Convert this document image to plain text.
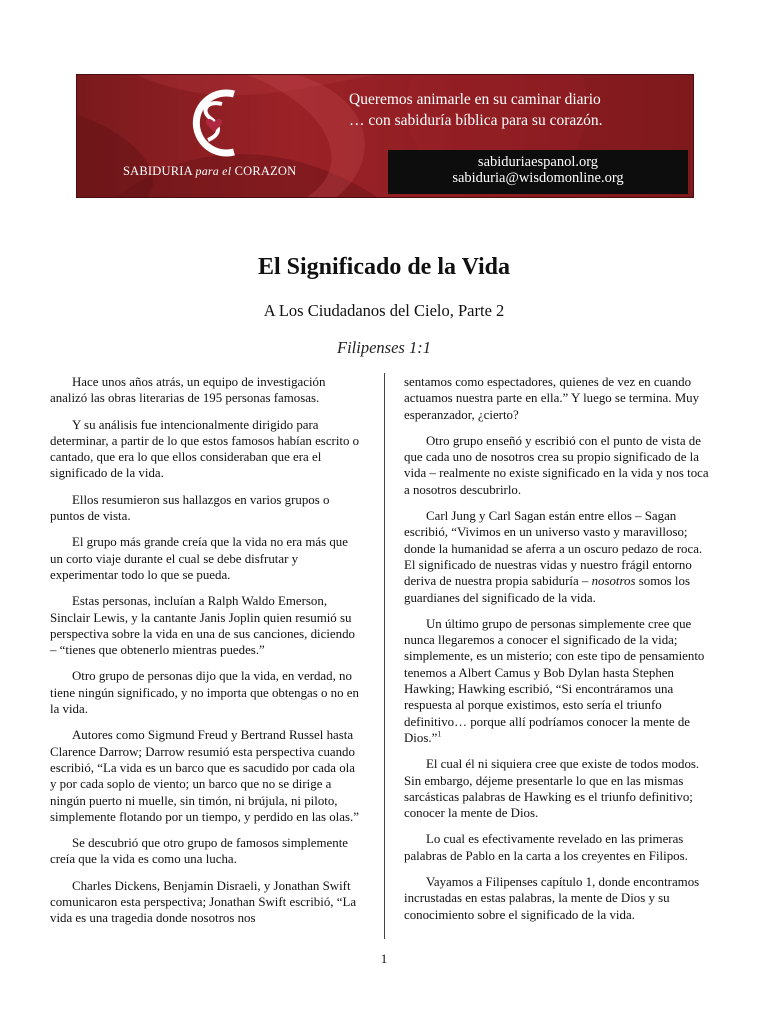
SABIDURIA para el CORAZON
Queremos animarle en su caminar diario
… con sabiduría bíblica para su corazón.
sabiduriaespanol.org
sabiduria@wisdomonline.org
El Significado de la Vida
A Los Ciudadanos del Cielo, Parte 2
Filipenses 1:1

Hace unos años atrás, un equipo de investigación analizó las obras literarias de 195 personas famosas.

Y su análisis fue intencionalmente dirigido para determinar, a partir de lo que estos famosos habían escrito o cantado, que era lo que ellos consideraban que era el significado de la vida.

Ellos resumieron sus hallazgos en varios grupos o puntos de vista.

El grupo más grande creía que la vida no era más que un corto viaje durante el cual se debe disfrutar y experimentar todo lo que se pueda.

Estas personas, incluían a Ralph Waldo Emerson, Sinclair Lewis, y la cantante Janis Joplin quien resumió su perspectiva sobre la vida en una de sus canciones, diciendo – “tienes que obtenerlo mientras puedes.”

Otro grupo de personas dijo que la vida, en verdad, no tiene ningún significado, y no importa que obtengas o no en la vida.

Autores como Sigmund Freud y Bertrand Russel hasta Clarence Darrow; Darrow resumió esta perspectiva cuando escribió, “La vida es un barco que es sacudido por cada ola y por cada soplo de viento; un barco que no se dirige a ningún puerto ni muelle, sin timón, ni brújula, ni piloto, simplemente flotando por un tiempo, y perdido en las olas.”

Se descubrió que otro grupo de famosos simplemente creía que la vida es como una lucha.

Charles Dickens, Benjamin Disraeli, y Jonathan Swift comunicaron esta perspectiva; Jonathan Swift escribió, “La vida es una tragedia donde nosotros nos

sentamos como espectadores, quienes de vez en cuando actuamos nuestra parte en ella.” Y luego se termina. Muy esperanzador, ¿cierto?

Otro grupo enseñó y escribió con el punto de vista de que cada uno de nosotros crea su propio significado de la vida – realmente no existe significado en la vida y nos toca a nosotros descubrirlo.

Carl Jung y Carl Sagan están entre ellos – Sagan escribió, “Vivimos en un universo vasto y maravilloso; donde la humanidad se aferra a un oscuro pedazo de roca. El significado de nuestras vidas y nuestro frágil entorno deriva de nuestra propia sabiduría – nosotros somos los guardianes del significado de la vida.

Un último grupo de personas simplemente cree que nunca llegaremos a conocer el significado de la vida; simplemente, es un misterio; con este tipo de pensamiento tenemos a Albert Camus y Bob Dylan hasta Stephen Hawking; Hawking escribió, “Si encontráramos una respuesta al porque existimos, esto sería el triunfo definitivo… porque allí podríamos conocer la mente de Dios.”$^1$

El cual él ni siquiera cree que existe de todos modos. Sin embargo, déjeme presentarle lo que en las mismas sarcásticas palabras de Hawking es el triunfo definitivo; conocer la mente de Dios.

Lo cual es efectivamente revelado en las primeras palabras de Pablo en la carta a los creyentes en Filipos.

Vayamos a Filipenses capítulo 1, donde encontramos incrustadas en estas palabras, la mente de Dios y su conocimiento sobre el significado de la vida.

1
